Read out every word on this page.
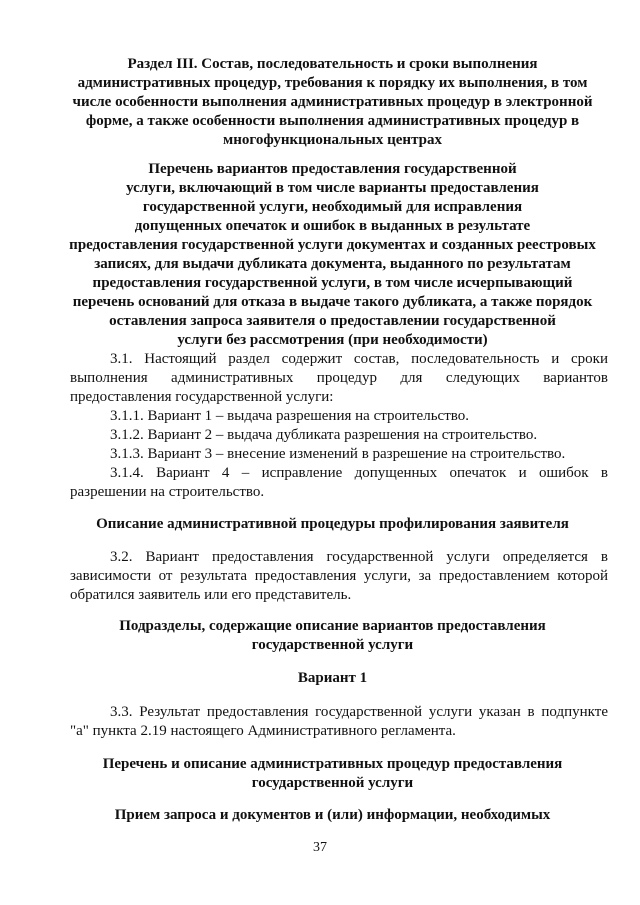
Раздел III. Состав, последовательность и сроки выполнения
административных процедур, требования к порядку их выполнения, в том
числе особенности выполнения административных процедур в электронной
форме, а также особенности выполнения административных процедур в
многофункциональных центрах
Перечень вариантов предоставления государственной
услуги, включающий в том числе варианты предоставления
государственной услуги, необходимый для исправления
допущенных опечаток и ошибок в выданных в результате
предоставления государственной услуги документах и созданных реестровых
записях, для выдачи дубликата документа, выданного по результатам
предоставления государственной услуги, в том числе исчерпывающий
перечень оснований для отказа в выдаче такого дубликата, а также порядок
оставления запроса заявителя о предоставлении государственной
услуги без рассмотрения (при необходимости)
3.1. Настоящий раздел содержит состав, последовательность и сроки
выполнения административных процедур для следующих вариантов
предоставления государственной услуги:
3.1.1. Вариант 1 – выдача разрешения на строительство.
3.1.2. Вариант 2 – выдача дубликата разрешения на строительство.
3.1.3. Вариант 3 – внесение изменений в разрешение на строительство.
3.1.4. Вариант 4 – исправление допущенных опечаток и ошибок в
разрешении на строительство.
Описание административной процедуры профилирования заявителя
3.2. Вариант предоставления государственной услуги определяется в
зависимости от результата предоставления услуги, за предоставлением которой
обратился заявитель или его представитель.
Подразделы, содержащие описание вариантов предоставления
государственной услуги
Вариант 1
3.3. Результат предоставления государственной услуги указан в подпункте
"а" пункта 2.19 настоящего Административного регламента.
Перечень и описание административных процедур предоставления
государственной услуги
Прием запроса и документов и (или) информации, необходимых
37
